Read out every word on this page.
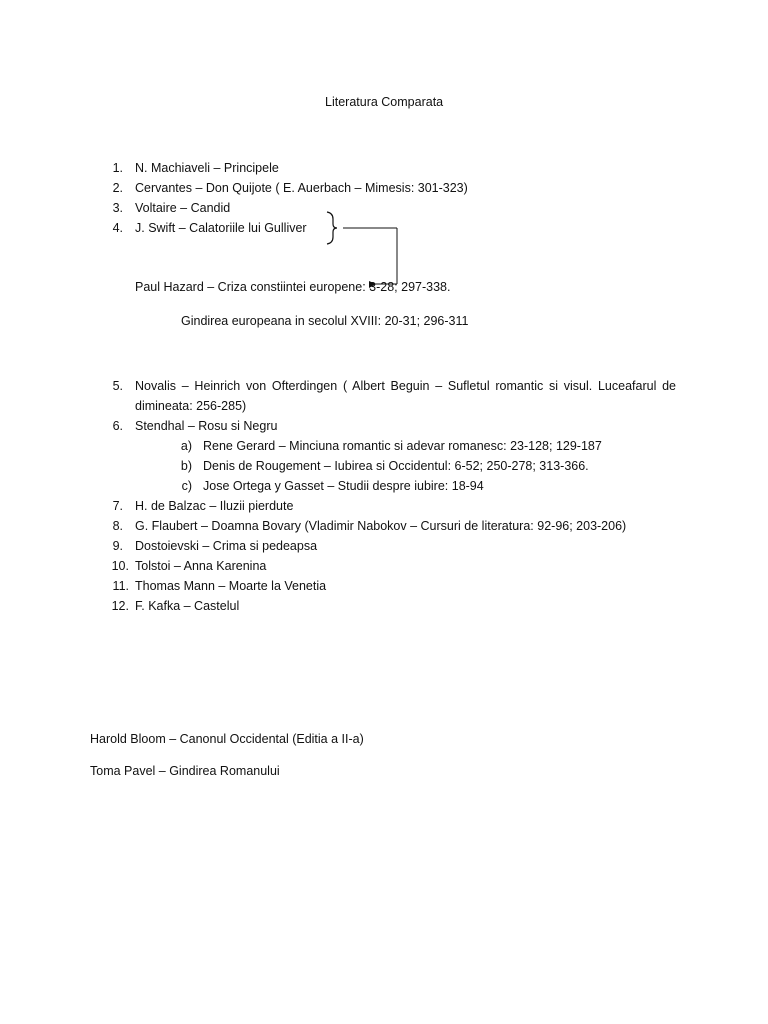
Literatura Comparata
1. N. Machiaveli – Principele
2. Cervantes – Don Quijote ( E. Auerbach – Mimesis: 301-323)
3. Voltaire – Candid
4. J. Swift – Calatoriile lui Gulliver
Paul Hazard – Criza constiintei europene: 3-28; 297-338.
Gindirea europeana in secolul XVIII: 20-31; 296-311
5. Novalis – Heinrich von Ofterdingen ( Albert Beguin – Sufletul romantic si visul. Luceafarul de dimineata: 256-285)
6. Stendhal – Rosu si Negru
a) Rene Gerard – Minciuna romantic si adevar romanesc: 23-128; 129-187
b) Denis de Rougement – Iubirea si Occidentul: 6-52; 250-278; 313-366.
c) Jose Ortega y Gasset – Studii despre iubire: 18-94
7. H. de Balzac – Iluzii pierdute
8. G. Flaubert – Doamna Bovary (Vladimir Nabokov – Cursuri de literatura: 92-96; 203-206)
9. Dostoievski – Crima si pedeapsa
10. Tolstoi – Anna Karenina
11. Thomas Mann – Moarte la Venetia
12. F. Kafka – Castelul
Harold Bloom – Canonul Occidental (Editia a II-a)
Toma Pavel – Gindirea Romanului
